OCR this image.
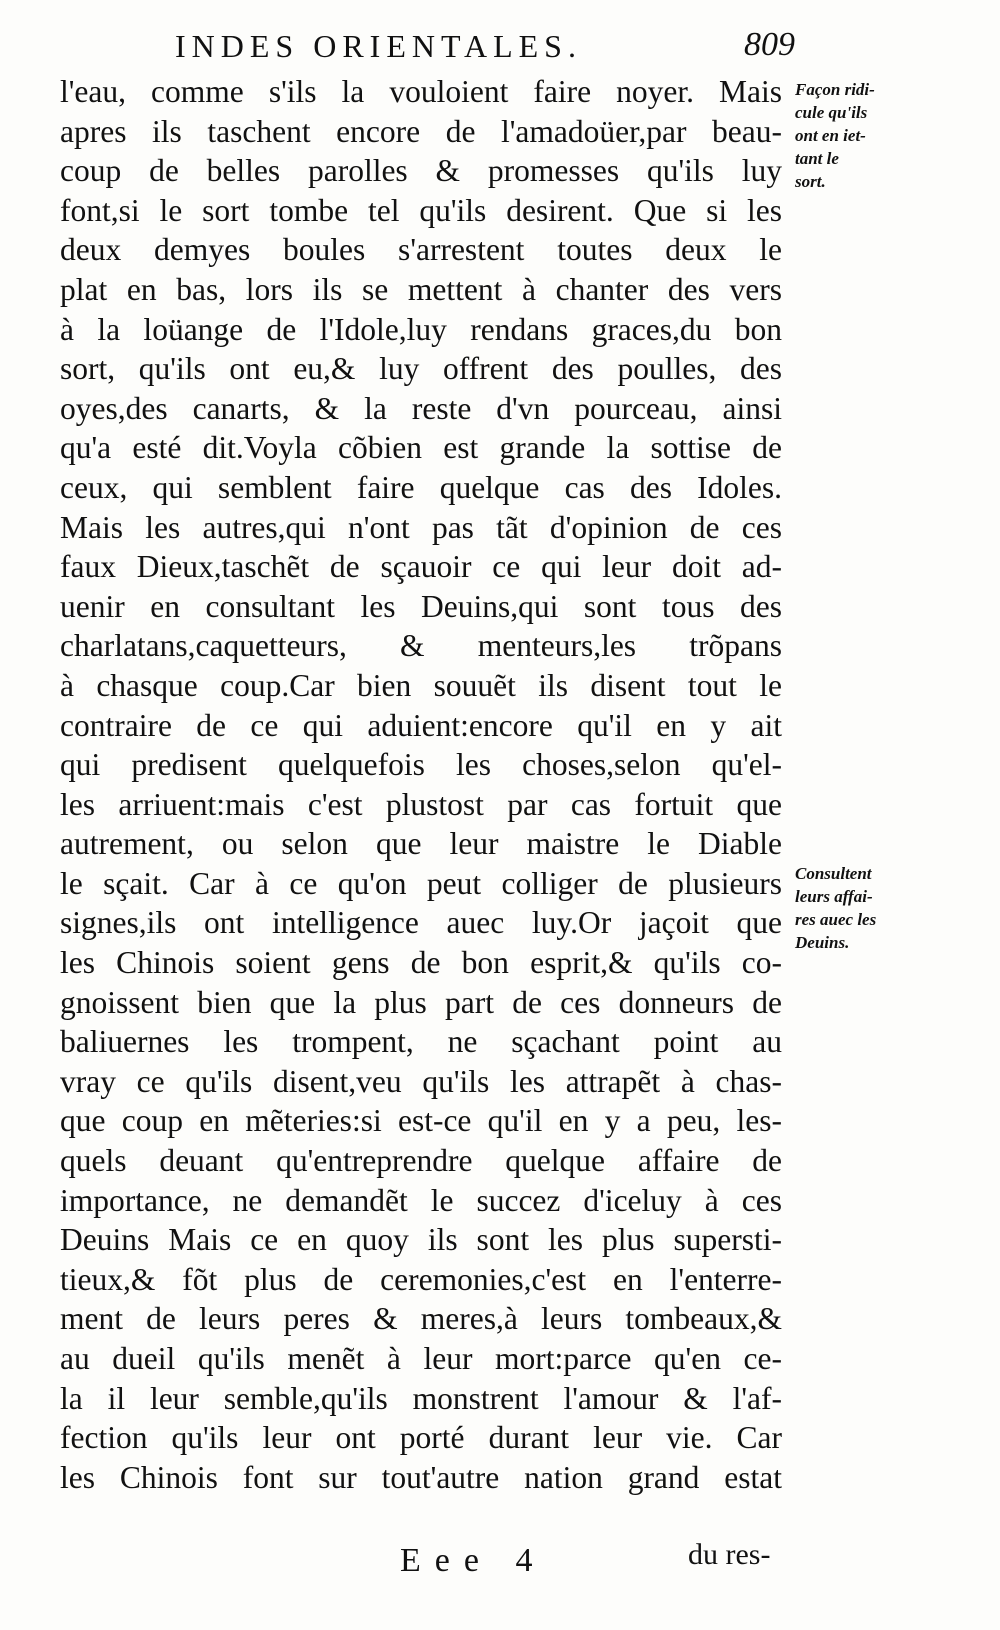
INDES ORIENTALES.	809
l'eau, comme s'ils la vouloient faire noyer. Mais
apres ils taschent encore de l'amadoüer,par beau-
coup de belles parolles & promesses qu'ils luy
font,si le sort tombe tel qu'ils desirent. Que si les
deux demyes boules s'arrestent toutes deux le
plat en bas, lors ils se mettent à chanter des vers
à la loüange de l'Idole,luy rendans graces,du bon
sort, qu'ils ont eu,& luy offrent des poulles, des
oyes,des canarts, & la reste d'vn pourceau, ainsi
qu'a esté dit.Voyla cõbien est grande la sottise de
ceux, qui semblent faire quelque cas des Idoles.
Mais les autres,qui n'ont pas tãt d'opinion de ces
faux Dieux,taschẽt de sçauoir ce qui leur doit ad-
uenir en consultant les Deuins,qui sont tous des
charlatans,caquetteurs, & menteurs,les trõpans
à chasque coup.Car bien souuẽt ils disent tout le
contraire de ce qui aduient:encore qu'il en y ait
qui predisent quelquefois les choses,selon qu'el-
les arriuent:mais c'est plustost par cas fortuit que
autrement, ou selon que leur maistre le Diable
le sçait. Car à ce qu'on peut colliger de plusieurs
signes,ils ont intelligence auec luy.Or jaçoit que
les Chinois soient gens de bon esprit,& qu'ils co-
gnoissent bien que la plus part de ces donneurs de
baliuernes les trompent, ne sçachant point au
vray ce qu'ils disent,veu qu'ils les attrapẽt à chas-
que coup en mẽteries:si est-ce qu'il en y a peu, les-
quels deuant qu'entreprendre quelque affaire de
importance, ne demandẽt le succez d'iceluy à ces
Deuins Mais ce en quoy ils sont les plus supersti-
tieux,& fõt plus de ceremonies,c'est en l'enterre-
ment de leurs peres & meres,à leurs tombeaux,&
au dueil qu'ils menẽt à leur mort:parce qu'en ce-
la il leur semble,qu'ils monstrent l'amour & l'af-
fection qu'ils leur ont porté durant leur vie. Car
les Chinois font sur tout'autre nation grand estat
Façon ridi-
cule qu'ils
ont en iet-
tant le
sort.
Consultent
leurs affai-
res auec les
Deuins.
Eee 4	du res-
